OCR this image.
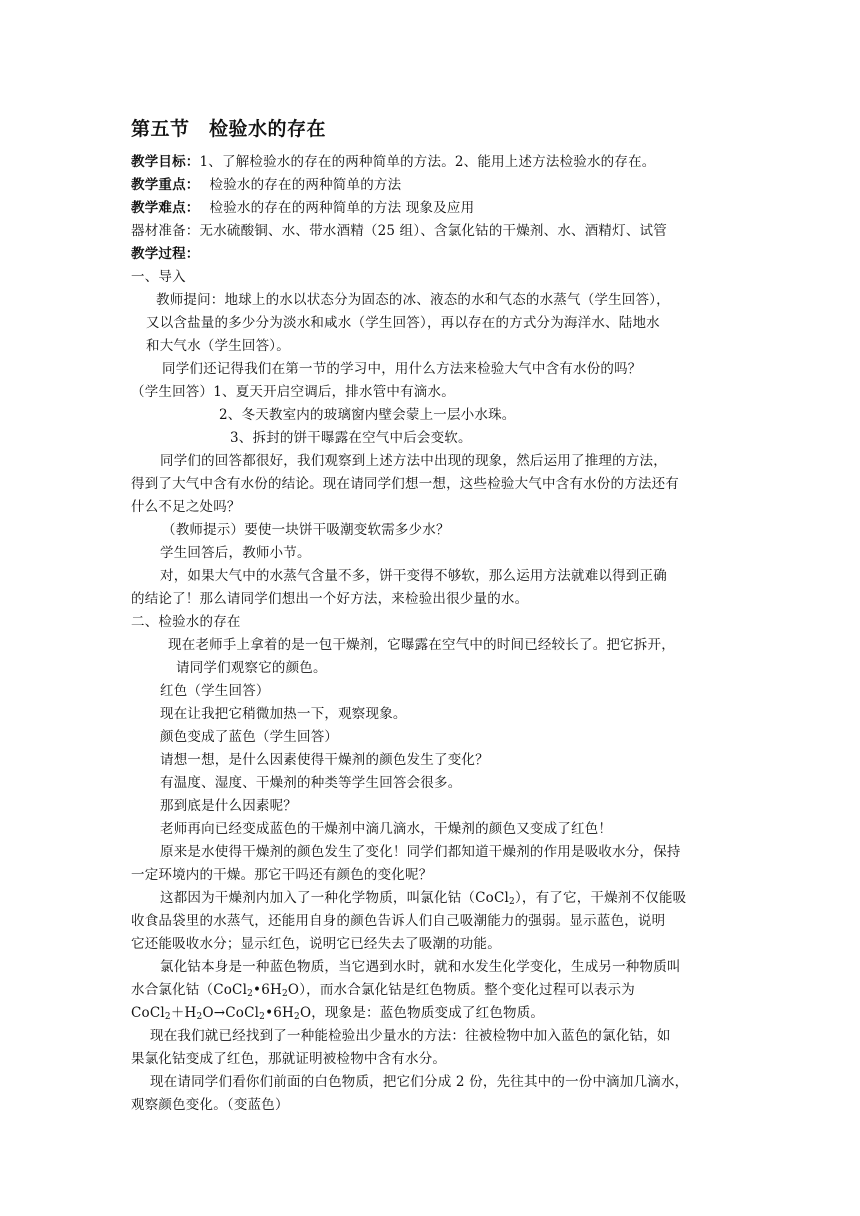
第五节　检验水的存在
教学目标：1、了解检验水的存在的两种简单的方法。2、能用上述方法检验水的存在。
教学重点： 检验水的存在的两种简单的方法
教学难点： 检验水的存在的两种简单的方法 现象及应用
器材准备：无水硫酸铜、水、带水酒精（25 组）、含氯化钴的干燥剂、水、酒精灯、试管
教学过程：
一、导入
教师提问：地球上的水以状态分为固态的冰、液态的水和气态的水蒸气（学生回答），
又以含盐量的多少分为淡水和咸水（学生回答），再以存在的方式分为海洋水、陆地水
和大气水（学生回答）。
同学们还记得我们在第一节的学习中，用什么方法来检验大气中含有水份的吗？
（学生回答）1、夏天开启空调后，排水管中有滴水。
2、冬天教室内的玻璃窗内壁会蒙上一层小水珠。
3、拆封的饼干曝露在空气中后会变软。
同学们的回答都很好，我们观察到上述方法中出现的现象，然后运用了推理的方法，
得到了大气中含有水份的结论。现在请同学们想一想，这些检验大气中含有水份的方法还有
什么不足之处吗？
（教师提示）要使一块饼干吸潮变软需多少水？
学生回答后，教师小节。
对，如果大气中的水蒸气含量不多，饼干变得不够软，那么运用方法就难以得到正确
的结论了！那么请同学们想出一个好方法，来检验出很少量的水。
二、检验水的存在
现在老师手上拿着的是一包干燥剂，它曝露在空气中的时间已经较长了。把它拆开，
请同学们观察它的颜色。
红色（学生回答）
现在让我把它稍微加热一下，观察现象。
颜色变成了蓝色（学生回答）
请想一想，是什么因素使得干燥剂的颜色发生了变化？
有温度、湿度、干燥剂的种类等学生回答会很多。
那到底是什么因素呢？
老师再向已经变成蓝色的干燥剂中滴几滴水，干燥剂的颜色又变成了红色！
原来是水使得干燥剂的颜色发生了变化！同学们都知道干燥剂的作用是吸收水分，保持
一定环境内的干燥。那它干吗还有颜色的变化呢？
这都因为干燥剂内加入了一种化学物质，叫氯化钴（CoCl$_2$），有了它，干燥剂不仅能吸
收食品袋里的水蒸气，还能用自身的颜色告诉人们自己吸潮能力的强弱。显示蓝色，说明
它还能吸收水分；显示红色，说明它已经失去了吸潮的功能。
氯化钴本身是一种蓝色物质，当它遇到水时，就和水发生化学变化，生成另一种物质叫
水合氯化钴$(CoCl_2•6H_2O)$，而水合氯化钴是红色物质。整个变化过程可以表示为
$CoCl_2+H_2O\to CoCl_2•6H_2O$，现象是：蓝色物质变成了红色物质。
现在我们就已经找到了一种能检验出少量水的方法：往被检物中加入蓝色的氯化钴，如
果氯化钴变成了红色，那就证明被检物中含有水分。
现在请同学们看你们前面的白色物质，把它们分成 2 份，先往其中的一份中滴加几滴水，
观察颜色变化。（变蓝色）
